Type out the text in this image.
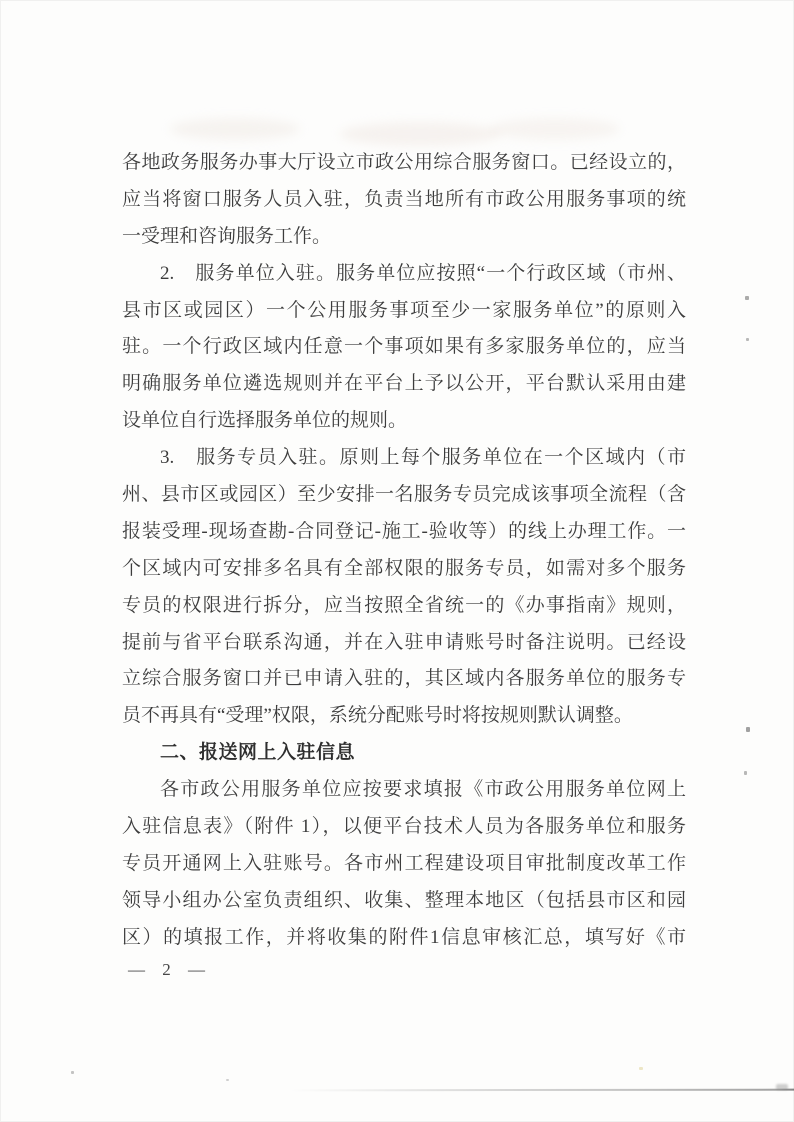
各地政务服务办事大厅设立市政公用综合服务窗口。已经设立的，
应当将窗口服务人员入驻，负责当地所有市政公用服务事项的统
一受理和咨询服务工作。
2.　服务单位入驻。服务单位应按照“一个行政区域（市州、
县市区或园区）一个公用服务事项至少一家服务单位”的原则入
驻。一个行政区域内任意一个事项如果有多家服务单位的，应当
明确服务单位遴选规则并在平台上予以公开，平台默认采用由建
设单位自行选择服务单位的规则。
3.　服务专员入驻。原则上每个服务单位在一个区域内（市
州、县市区或园区）至少安排一名服务专员完成该事项全流程（含
报装受理-现场查勘-合同登记-施工-验收等）的线上办理工作。一
个区域内可安排多名具有全部权限的服务专员，如需对多个服务
专员的权限进行拆分，应当按照全省统一的《办事指南》规则，
提前与省平台联系沟通，并在入驻申请账号时备注说明。已经设
立综合服务窗口并已申请入驻的，其区域内各服务单位的服务专
员不再具有“受理”权限，系统分配账号时将按规则默认调整。
二、报送网上入驻信息
各市政公用服务单位应按要求填报《市政公用服务单位网上
入驻信息表》（附件 1），以便平台技术人员为各服务单位和服务
专员开通网上入驻账号。各市州工程建设项目审批制度改革工作
领导小组办公室负责组织、收集、整理本地区（包括县市区和园
区）的填报工作，并将收集的附件1信息审核汇总，填写好《市
— 2 —
